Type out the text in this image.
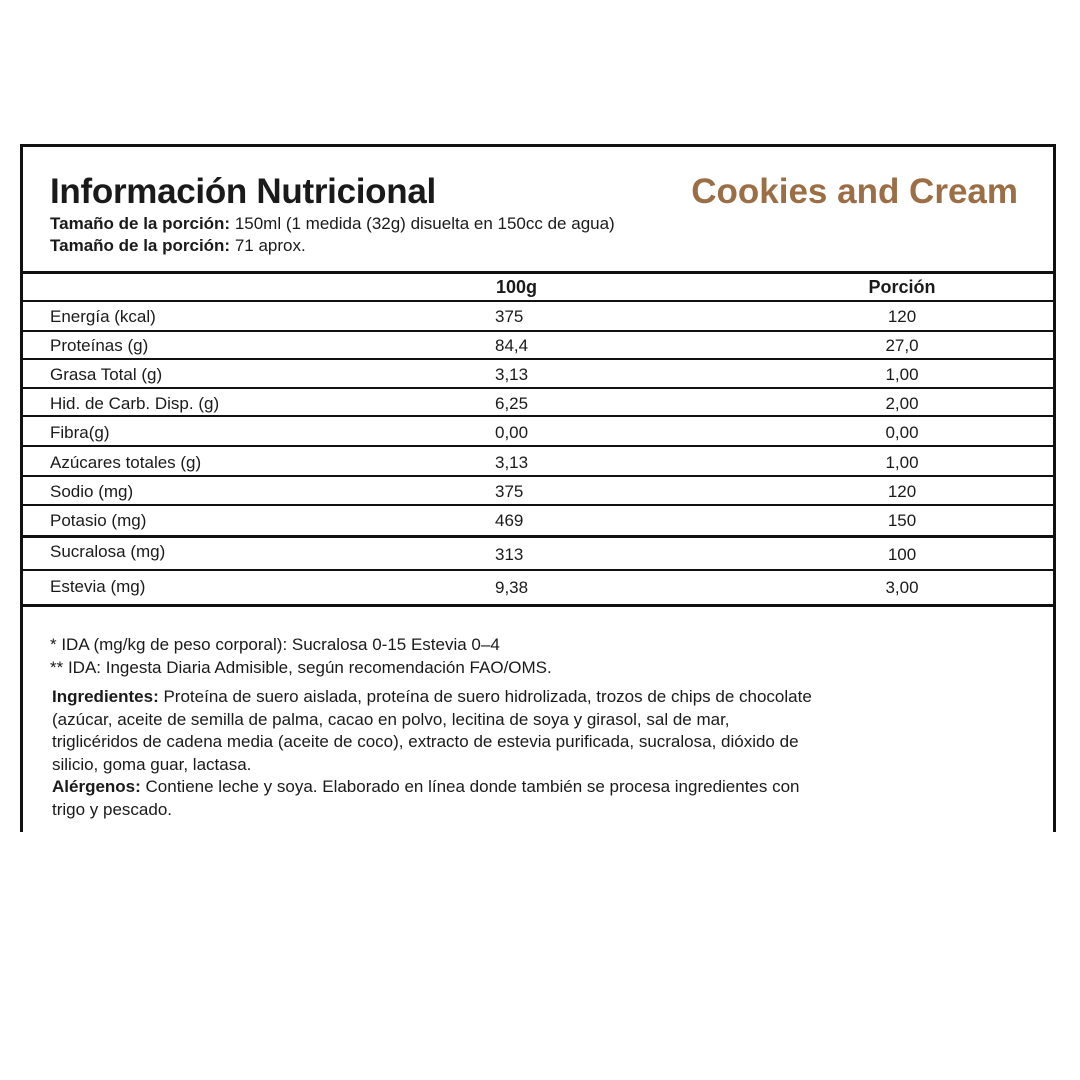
Información Nutricional	Cookies and Cream
Tamaño de la porción: 150ml (1 medida (32g) disuelta en 150cc de agua)
Tamaño de la porción: 71 aprox.
100g	Porción
Energía (kcal)	375	120
Proteínas (g)	84,4	27,0
Grasa Total (g)	3,13	1,00
Hid. de Carb. Disp. (g)	6,25	2,00
Fibra(g)	0,00	0,00
Azúcares totales (g)	3,13	1,00
Sodio (mg)	375	120
Potasio (mg)	469	150
Sucralosa (mg)	313	100
Estevia (mg)	9,38	3,00
* IDA (mg/kg de peso corporal): Sucralosa 0-15 Estevia 0–4
** IDA: Ingesta Diaria Admisible, según recomendación FAO/OMS.
Ingredientes: Proteína de suero aislada, proteína de suero hidrolizada, trozos de chips de chocolate (azúcar, aceite de semilla de palma, cacao en polvo, lecitina de soya y girasol, sal de mar, triglicéridos de cadena media (aceite de coco), extracto de estevia purificada, sucralosa, dióxido de silicio, goma guar, lactasa.
Alérgenos: Contiene leche y soya. Elaborado en línea donde también se procesa ingredientes con trigo y pescado.
